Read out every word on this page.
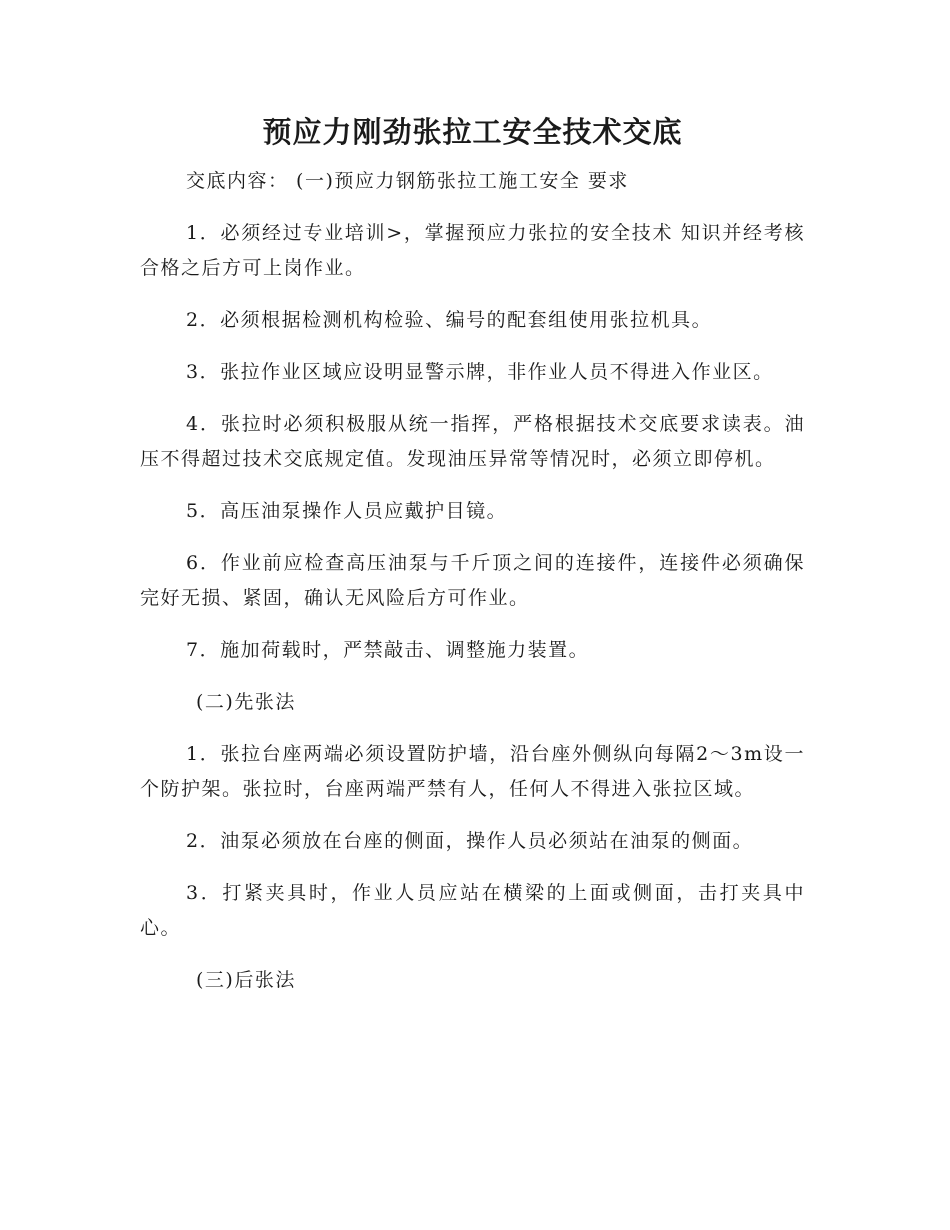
预应力刚劲张拉工安全技术交底

交底内容： (一)预应力钢筋张拉工施工安全 要求

1．必须经过专业培训>，掌握预应力张拉的安全技术 知识并经考核合格之后方可上岗作业。

2．必须根据检测机构检验、编号的配套组使用张拉机具。

3．张拉作业区域应设明显警示牌，非作业人员不得进入作业区。

4．张拉时必须积极服从统一指挥，严格根据技术交底要求读表。油压不得超过技术交底规定值。发现油压异常等情况时，必须立即停机。

5．高压油泵操作人员应戴护目镜。

6．作业前应检查高压油泵与千斤顶之间的连接件，连接件必须确保完好无损、紧固，确认无风险后方可作业。

7．施加荷载时，严禁敲击、调整施力装置。

(二)先张法

1．张拉台座两端必须设置防护墙，沿台座外侧纵向每隔2～3m设一个防护架。张拉时，台座两端严禁有人，任何人不得进入张拉区域。

2．油泵必须放在台座的侧面，操作人员必须站在油泵的侧面。

3．打紧夹具时，作业人员应站在横梁的上面或侧面，击打夹具中心。

(三)后张法
